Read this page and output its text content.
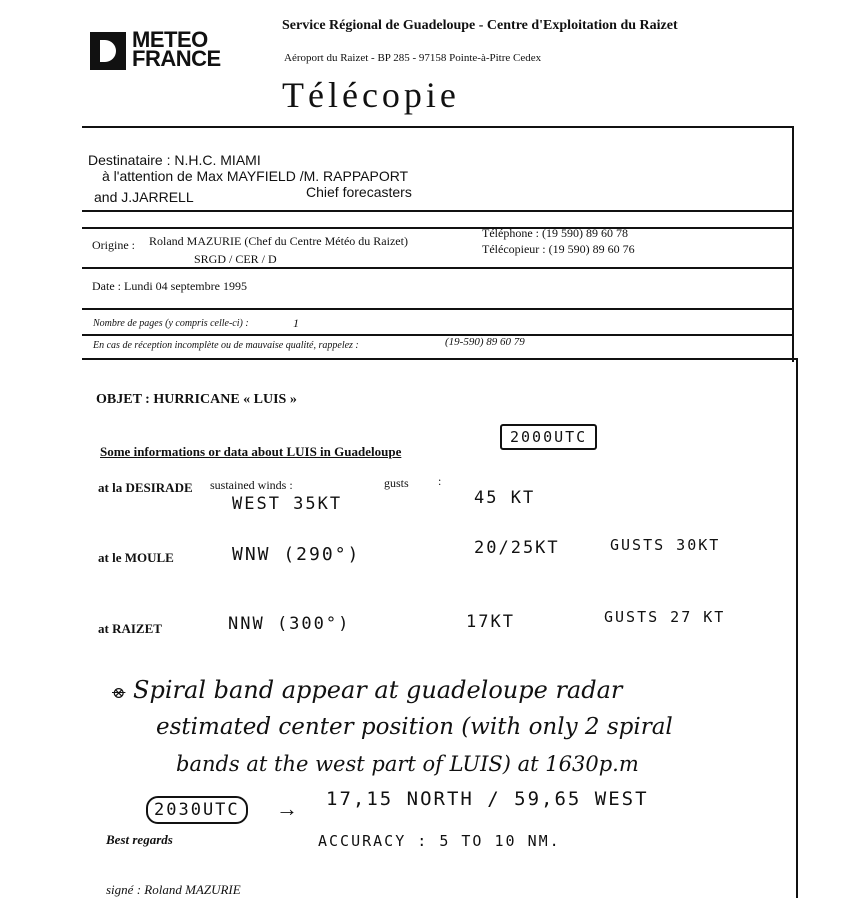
METEO
FRANCE
Service Régional de Guadeloupe - Centre d'Exploitation du Raizet
Aéroport du Raizet - BP 285 - 97158 Pointe-à-Pitre Cedex
Télécopie
Destinataire : N.H.C. MIAMI
à l'attention de Max MAYFIELD /M. RAPPAPORT
and J.JARRELL	Chief forecasters
Origine : Roland MAZURIE (Chef du Centre Météo du Raizet)
SRGD / CER / D
Téléphone : (19 590) 89 60 78
Télécopieur : (19 590) 89 60 76
Date : Lundi 04 septembre 1995
Nombre de pages (y compris celle-ci) :	1
En cas de réception incomplète ou de mauvaise qualité, rappelez :	(19-590) 89 60 79
OBJET : HURRICANE « LUIS »
Some informations or data about LUIS in Guadeloupe
2000UTC
at la DESIRADE sustained winds :	gusts :
WEST 35KT	45 KT
at le MOULE	WNW (290°)	20/25KT	GUSTS 30KT
at RAIZET	NNW (300°)	17KT	GUSTS 27 KT
⊗ Spiral band appear at guadeloupe radar
estimated center position (with only 2 spiral
bands at the west part of LUIS) at 1630p.m
2030UTC	→ 17,15 NORTH / 59,65 WEST
ACCURACY : 5 TO 10 NM.
Best regards
signé : Roland MAZURIE
